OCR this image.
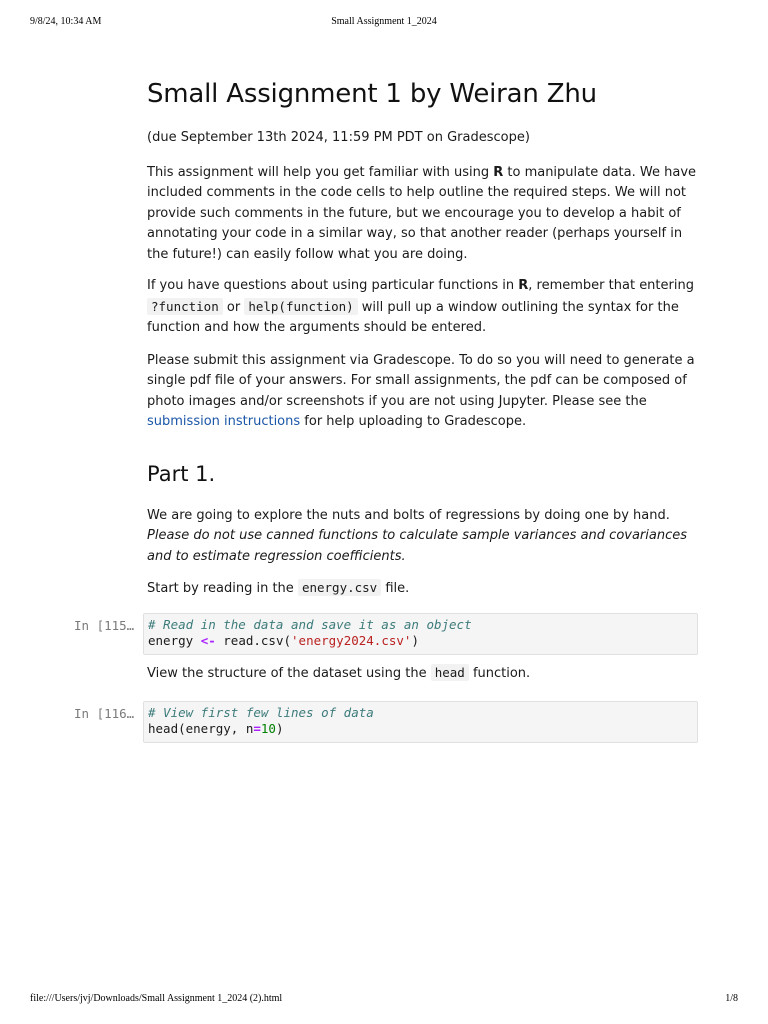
9/8/24, 10:34 AM	Small Assignment 1_2024
Small Assignment 1 by Weiran Zhu

(due September 13th 2024, 11:59 PM PDT on Gradescope)

This assignment will help you get familiar with using R to manipulate data. We have included comments in the code cells to help outline the required steps. We will not provide such comments in the future, but we encourage you to develop a habit of annotating your code in a similar way, so that another reader (perhaps yourself in the future!) can easily follow what you are doing.

If you have questions about using particular functions in R, remember that entering ?function or help(function) will pull up a window outlining the syntax for the function and how the arguments should be entered.

Please submit this assignment via Gradescope. To do so you will need to generate a single pdf file of your answers. For small assignments, the pdf can be composed of photo images and/or screenshots if you are not using Jupyter. Please see the submission instructions for help uploading to Gradescope.

Part 1.

We are going to explore the nuts and bolts of regressions by doing one by hand. Please do not use canned functions to calculate sample variances and covariances and to estimate regression coefficients.

Start by reading in the energy.csv file.

In [115…	# Read in the data and save it as an object
energy <- read.csv('energy2024.csv')

View the structure of the dataset using the head function.

In [116…	# View first few lines of data
head(energy, n=10)
file:///Users/jvj/Downloads/Small Assignment 1_2024 (2).html	1/8
